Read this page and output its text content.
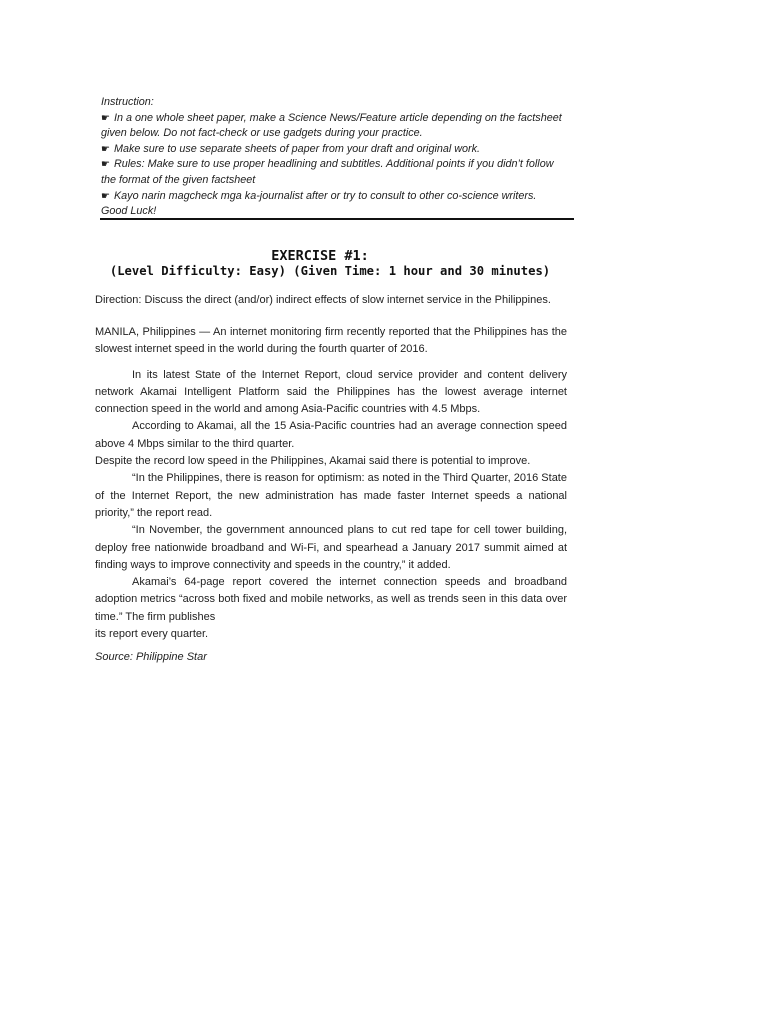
Instruction:
☛ In a one whole sheet paper, make a Science News/Feature article depending on the factsheet
given below. Do not fact-check or use gadgets during your practice.
☛ Make sure to use separate sheets of paper from your draft and original work.
☛ Rules: Make sure to use proper headlining and subtitles. Additional points if you didn’t follow
the format of the given factsheet
☛ Kayo narin magcheck mga ka-journalist after or try to consult to other co-science writers.
Good Luck!
EXERCISE #1:
(Level Difficulty: Easy) (Given Time: 1 hour and 30 minutes)
Direction: Discuss the direct (and/or) indirect effects of slow internet service in the Philippines.

MANILA, Philippines — An internet monitoring firm recently reported that the Philippines has the slowest internet speed in the world during the fourth quarter of 2016.

In its latest State of the Internet Report, cloud service provider and content delivery network Akamai Intelligent Platform said the Philippines has the lowest average internet connection speed in the world and among Asia-Pacific countries with 4.5 Mbps.

According to Akamai, all the 15 Asia-Pacific countries had an average connection speed above 4 Mbps similar to the third quarter.

Despite the record low speed in the Philippines, Akamai said there is potential to improve.

“In the Philippines, there is reason for optimism: as noted in the Third Quarter, 2016 State of the Internet Report, the new administration has made faster Internet speeds a national priority,” the report read.

“In November, the government announced plans to cut red tape for cell tower building, deploy free nationwide broadband and Wi-Fi, and spearhead a January 2017 summit aimed at finding ways to improve connectivity and speeds in the country,” it added.

Akamai’s 64-page report covered the internet connection speeds and broadband adoption metrics “across both fixed and mobile networks, as well as trends seen in this data over time.” The firm publishes

its report every quarter.

Source: Philippine Star
